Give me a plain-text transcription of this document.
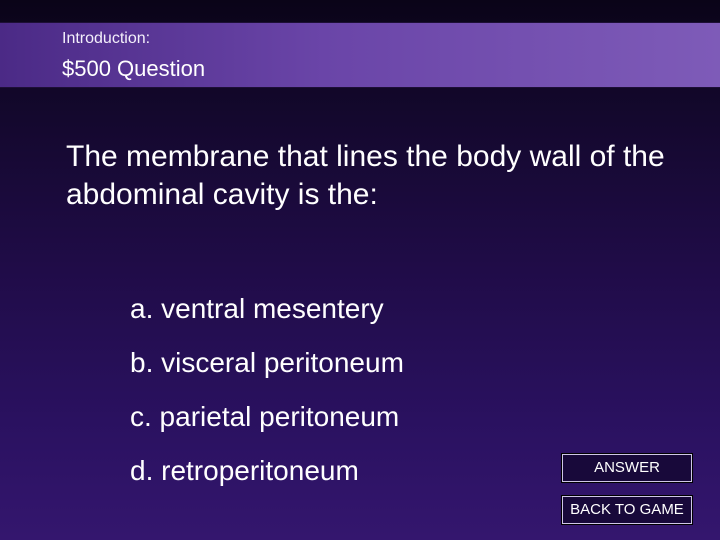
Introduction:
$500 Question
The membrane that lines the body wall of the abdominal cavity is the:
a. ventral mesentery
b. visceral peritoneum
c. parietal peritoneum
d. retroperitoneum	ANSWER
BACK TO GAME
